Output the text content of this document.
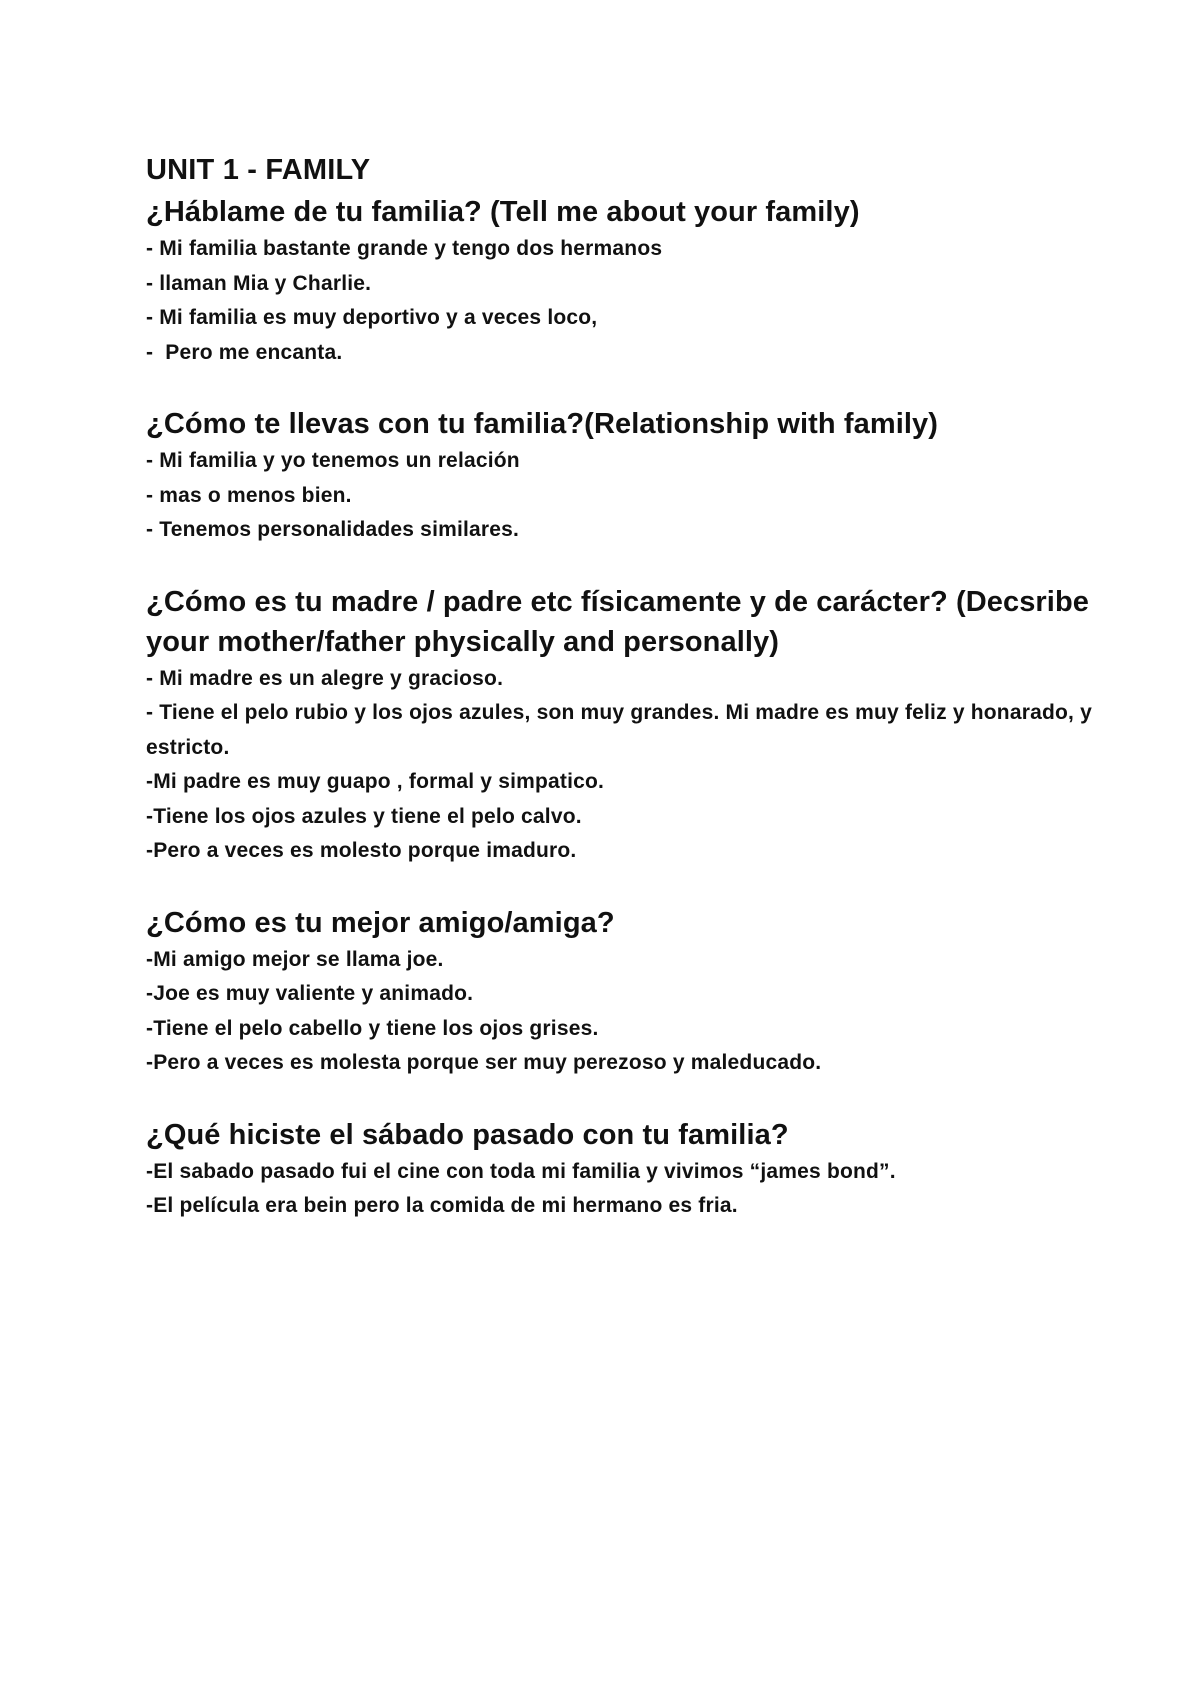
UNIT 1 - FAMILY
¿Háblame de tu familia? (Tell me about your family)
- Mi familia bastante grande y tengo dos hermanos
- llaman Mia y Charlie.
- Mi familia es muy deportivo y a veces loco,
-  Pero me encanta.
¿Cómo te llevas con tu familia?(Relationship with family)
- Mi familia y yo tenemos un relación
- mas o menos bien.
- Tenemos personalidades similares.
¿Cómo es tu madre / padre etc físicamente y de carácter? (Decsribe your mother/father physically and personally)
- Mi madre es un alegre y gracioso.
- Tiene el pelo rubio y los ojos azules, son muy grandes. Mi madre es muy feliz y honarado, y estricto.
-Mi padre es muy guapo , formal y simpatico.
-Tiene los ojos azules y tiene el pelo calvo.
-Pero a veces es molesto porque imaduro.
¿Cómo es tu mejor amigo/amiga?
-Mi amigo mejor se llama joe.
-Joe es muy valiente y animado.
-Tiene el pelo cabello y tiene los ojos grises.
-Pero a veces es molesta porque ser muy perezoso y maleducado.
¿Qué hiciste el sábado pasado con tu familia?
-El sabado pasado fui el cine con toda mi familia y vivimos “james bond”.
-El película era bein pero la comida de mi hermano es fria.
